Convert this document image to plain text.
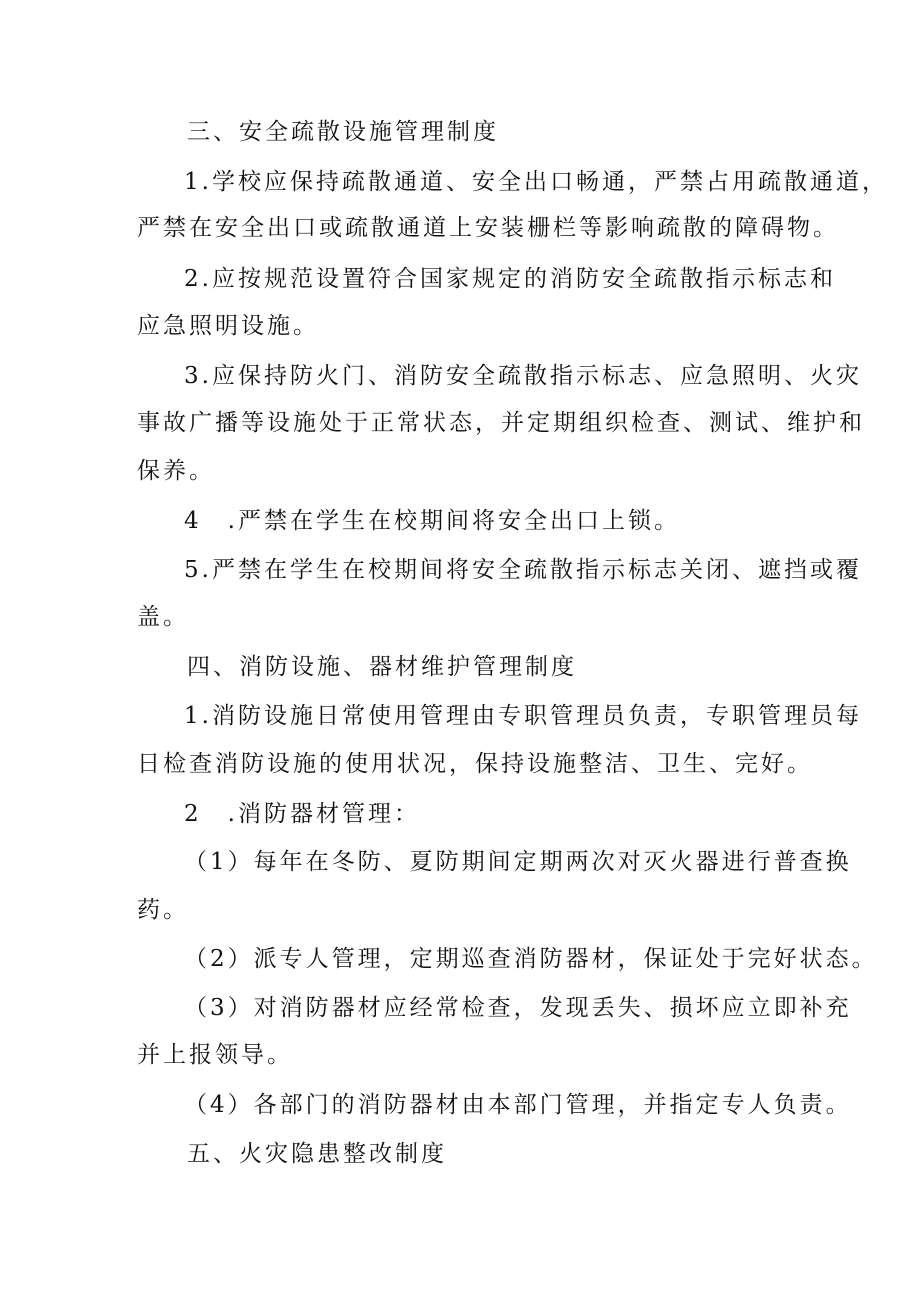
三、安全疏散设施管理制度
1.学校应保持疏散通道、安全出口畅通，严禁占用疏散通道，
严禁在安全出口或疏散通道上安装栅栏等影响疏散的障碍物。
2.应按规范设置符合国家规定的消防安全疏散指示标志和
应急照明设施。
3.应保持防火门、消防安全疏散指示标志、应急照明、火灾
事故广播等设施处于正常状态，并定期组织检查、测试、维护和
保养。
4　.严禁在学生在校期间将安全出口上锁。
5.严禁在学生在校期间将安全疏散指示标志关闭、遮挡或覆
盖。
四、消防设施、器材维护管理制度
1.消防设施日常使用管理由专职管理员负责，专职管理员每
日检查消防设施的使用状况，保持设施整洁、卫生、完好。
2　.消防器材管理：
（1）每年在冬防、夏防期间定期两次对灭火器进行普查换
药。
（2）派专人管理，定期巡查消防器材，保证处于完好状态。
（3）对消防器材应经常检查，发现丢失、损坏应立即补充
并上报领导。
（4）各部门的消防器材由本部门管理，并指定专人负责。
五、火灾隐患整改制度
